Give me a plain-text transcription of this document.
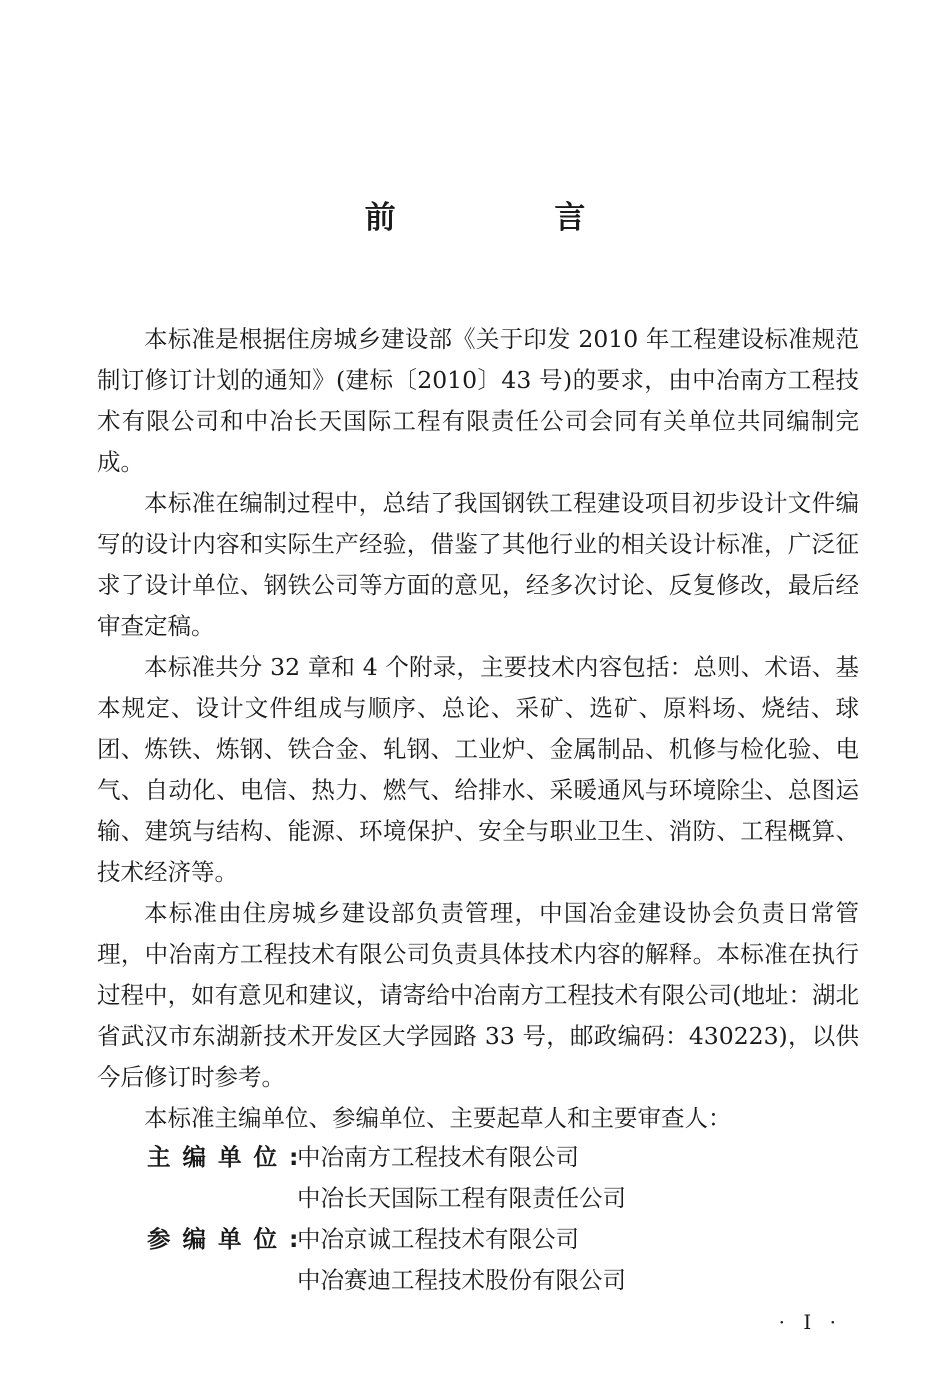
前 言

本标准是根据住房城乡建设部《关于印发 2010 年工程建设标准规范制订修订计划的通知》(建标〔2010〕43 号)的要求，由中冶南方工程技术有限公司和中冶长天国际工程有限责任公司会同有关单位共同编制完成。

本标准在编制过程中，总结了我国钢铁工程建设项目初步设计文件编写的设计内容和实际生产经验，借鉴了其他行业的相关设计标准，广泛征求了设计单位、钢铁公司等方面的意见，经多次讨论、反复修改，最后经审查定稿。

本标准共分 32 章和 4 个附录，主要技术内容包括：总则、术语、基本规定、设计文件组成与顺序、总论、采矿、选矿、原料场、烧结、球团、炼铁、炼钢、铁合金、轧钢、工业炉、金属制品、机修与检化验、电气、自动化、电信、热力、燃气、给排水、采暖通风与环境除尘、总图运输、建筑与结构、能源、环境保护、安全与职业卫生、消防、工程概算、技术经济等。

本标准由住房城乡建设部负责管理，中国冶金建设协会负责日常管理，中冶南方工程技术有限公司负责具体技术内容的解释。本标准在执行过程中，如有意见和建议，请寄给中冶南方工程技术有限公司(地址：湖北省武汉市东湖新技术开发区大学园路 33 号，邮政编码：430223)，以供今后修订时参考。

本标准主编单位、参编单位、主要起草人和主要审查人：

主编单位:
中冶南方工程技术有限公司
中冶长天国际工程有限责任公司
参编单位:
中冶京诚工程技术有限公司
中冶赛迪工程技术股份有限公司
· Ⅰ ·
